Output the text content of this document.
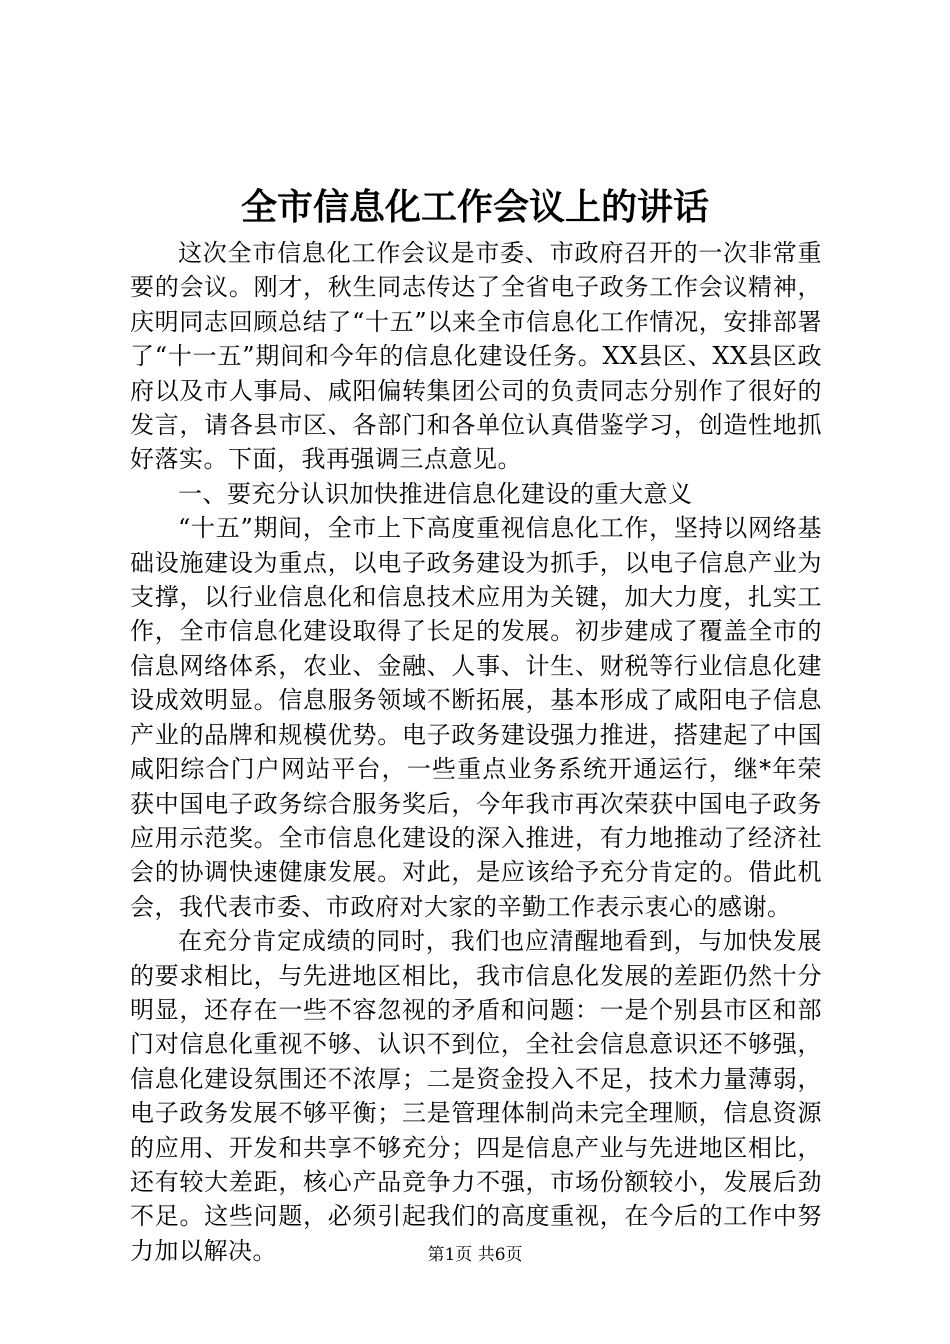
全市信息化工作会议上的讲话

这次全市信息化工作会议是市委、市政府召开的一次非常重要的会议。刚才，秋生同志传达了全省电子政务工作会议精神，庆明同志回顾总结了“十五”以来全市信息化工作情况，安排部署了“十一五”期间和今年的信息化建设任务。XX县区、XX县区政府以及市人事局、咸阳偏转集团公司的负责同志分别作了很好的发言，请各县市区、各部门和各单位认真借鉴学习，创造性地抓好落实。下面，我再强调三点意见。

一、要充分认识加快推进信息化建设的重大意义

“十五”期间，全市上下高度重视信息化工作，坚持以网络基础设施建设为重点，以电子政务建设为抓手，以电子信息产业为支撑，以行业信息化和信息技术应用为关键，加大力度，扎实工作，全市信息化建设取得了长足的发展。初步建成了覆盖全市的信息网络体系，农业、金融、人事、计生、财税等行业信息化建设成效明显。信息服务领域不断拓展，基本形成了咸阳电子信息产业的品牌和规模优势。电子政务建设强力推进，搭建起了中国咸阳综合门户网站平台，一些重点业务系统开通运行，继*年荣获中国电子政务综合服务奖后，今年我市再次荣获中国电子政务应用示范奖。全市信息化建设的深入推进，有力地推动了经济社会的协调快速健康发展。对此，是应该给予充分肯定的。借此机会，我代表市委、市政府对大家的辛勤工作表示衷心的感谢。

在充分肯定成绩的同时，我们也应清醒地看到，与加快发展的要求相比，与先进地区相比，我市信息化发展的差距仍然十分明显，还存在一些不容忽视的矛盾和问题：一是个别县市区和部门对信息化重视不够、认识不到位，全社会信息意识还不够强，信息化建设氛围还不浓厚；二是资金投入不足，技术力量薄弱，电子政务发展不够平衡；三是管理体制尚未完全理顺，信息资源的应用、开发和共享不够充分；四是信息产业与先进地区相比，还有较大差距，核心产品竞争力不强，市场份额较小，发展后劲不足。这些问题，必须引起我们的高度重视，在今后的工作中努力加以解决。	第1页 共6页
